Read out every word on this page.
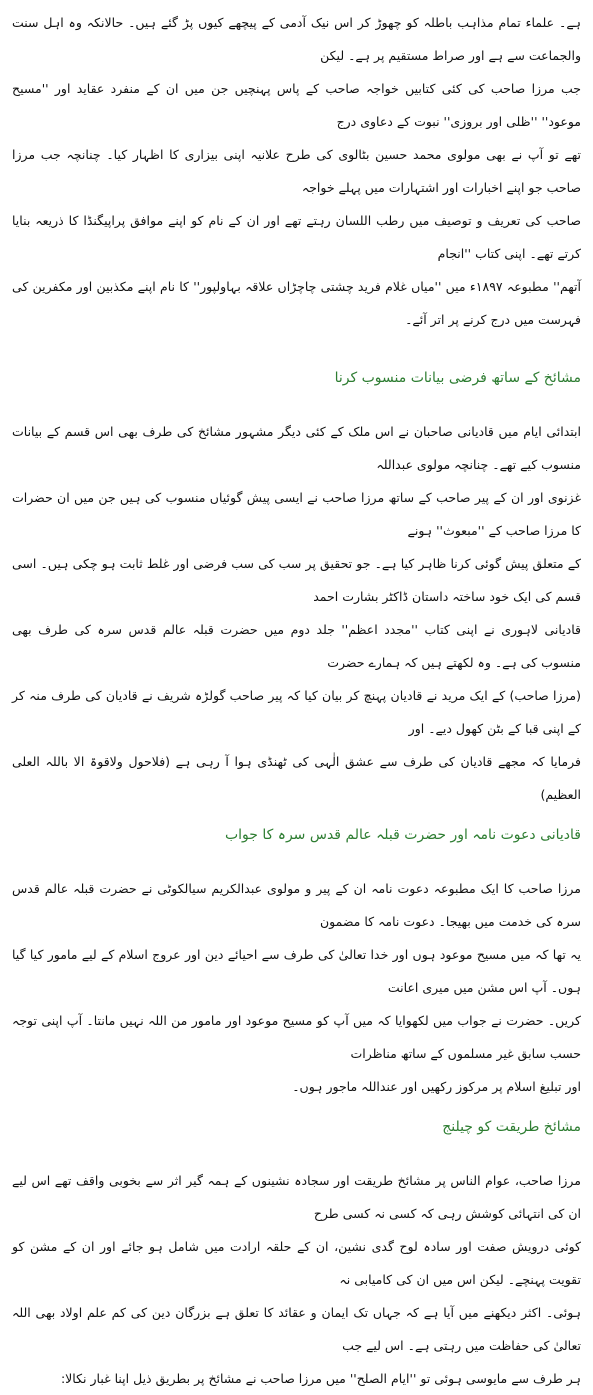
ہے۔ علماء تمام مذاہب باطلہ کو چھوڑ کر اس نیک آدمی کے پیچھے کیوں پڑ گئے ہیں۔ حالانکہ وہ اہل سنت والجماعت سے ہے اور صراط مستقیم پر ہے۔ لیکن

جب مرزا صاحب کی کئی کتابیں خواجہ صاحب کے پاس پہنچیں جن میں ان کے منفرد عقاید اور ''مسیح موعود'' ''ظلی اور بروزی'' نبوت کے دعاوی درج

تھے تو آپ نے بھی مولوی محمد حسین بٹالوی کی طرح علانیہ اپنی بیزاری کا اظہار کیا۔ چنانچہ جب مرزا صاحب جو اپنے اخبارات اور اشتہارات میں پہلے خواجہ

صاحب کی تعریف و توصیف میں رطب اللسان رہتے تھے اور ان کے نام کو اپنے موافق پراپیگنڈا کا ذریعہ بنایا کرتے تھے۔ اپنی کتاب ''انجام

آتھم'' مطبوعہ ۱۸۹۷ء میں ''میاں غلام فرید چشتی چاچڑاں علاقہ بہاولپور'' کا نام اپنے مکذبین اور مکفرین کی فہرست میں درج کرنے پر اتر آئے۔

مشائخ کے ساتھ فرضی بیانات منسوب کرنا

ابتدائی ایام میں قادیانی صاحبان نے اس ملک کے کئی دیگر مشہور مشائخ کی طرف بھی اس قسم کے بیانات منسوب کیے تھے۔ چنانچہ مولوی عبداللہ

غزنوی اور ان کے پیر صاحب کے ساتھ مرزا صاحب نے ایسی پیش گوئیاں منسوب کی ہیں جن میں ان حضرات کا مرزا صاحب کے ''مبعوث'' ہونے

کے متعلق پیش گوئی کرنا ظاہر کیا ہے۔ جو تحقیق پر سب کی سب فرضی اور غلط ثابت ہو چکی ہیں۔ اسی قسم کی ایک خود ساختہ داستان ڈاکٹر بشارت احمد

قادیانی لاہوری نے اپنی کتاب ''مجدد اعظم'' جلد دوم میں حضرت قبلہ عالم قدس سرہ کی طرف بھی منسوب کی ہے۔ وہ لکھتے ہیں کہ ہمارے حضرت

(مرزا صاحب) کے ایک مرید نے قادیان پہنچ کر بیان کیا کہ پیر صاحب گولڑہ شریف نے قادیان کی طرف منہ کر کے اپنی قبا کے بٹن کھول دیے۔ اور

فرمایا کہ مجھے قادیان کی طرف سے عشق الٰہی کی ٹھنڈی ہوا آ رہی ہے (فلاحول ولاقوۃ الا باللہ العلی العظیم)

قادیانی دعوت نامہ اور حضرت قبلہ عالم قدس سرہ کا جواب

مرزا صاحب کا ایک مطبوعہ دعوت نامہ ان کے پیر و مولوی عبدالکریم سیالکوٹی نے حضرت قبلہ عالم قدس سرہ کی خدمت میں بھیجا۔ دعوت نامہ کا مضمون

یہ تھا کہ میں مسیح موعود ہوں اور خدا تعالیٰ کی طرف سے احیائے دین اور عروج اسلام کے لیے مامور کیا گیا ہوں۔ آپ اس مشن میں میری اعانت

کریں۔ حضرت نے جواب میں لکھوایا کہ میں آپ کو مسیح موعود اور مامور من اللہ نہیں مانتا۔ آپ اپنی توجہ حسب سابق غیر مسلموں کے ساتھ مناظرات

اور تبلیغ اسلام پر مرکوز رکھیں اور عنداللہ ماجور ہوں۔

مشائخ طریقت کو چیلنج

مرزا صاحب، عوام الناس پر مشائخ طریقت اور سجادہ نشینوں کے ہمہ گیر اثر سے بخوبی واقف تھے اس لیے ان کی انتہائی کوشش رہی کہ کسی نہ کسی طرح

کوئی درویش صفت اور سادہ لوح گدی نشین، ان کے حلقہ ارادت میں شامل ہو جائے اور ان کے مشن کو تقویت پہنچے۔ لیکن اس میں ان کی کامیابی نہ

ہوئی۔ اکثر دیکھنے میں آیا ہے کہ جہاں تک ایمان و عقائد کا تعلق ہے بزرگان دین کی کم علم اولاد بھی اللہ تعالیٰ کی حفاظت میں رہتی ہے۔ اس لیے جب

ہر طرف سے مایوسی ہوئی تو ''ایام الصلح'' میں مرزا صاحب نے مشائخ پر بطریق ذیل اپنا غبار نکالا:
